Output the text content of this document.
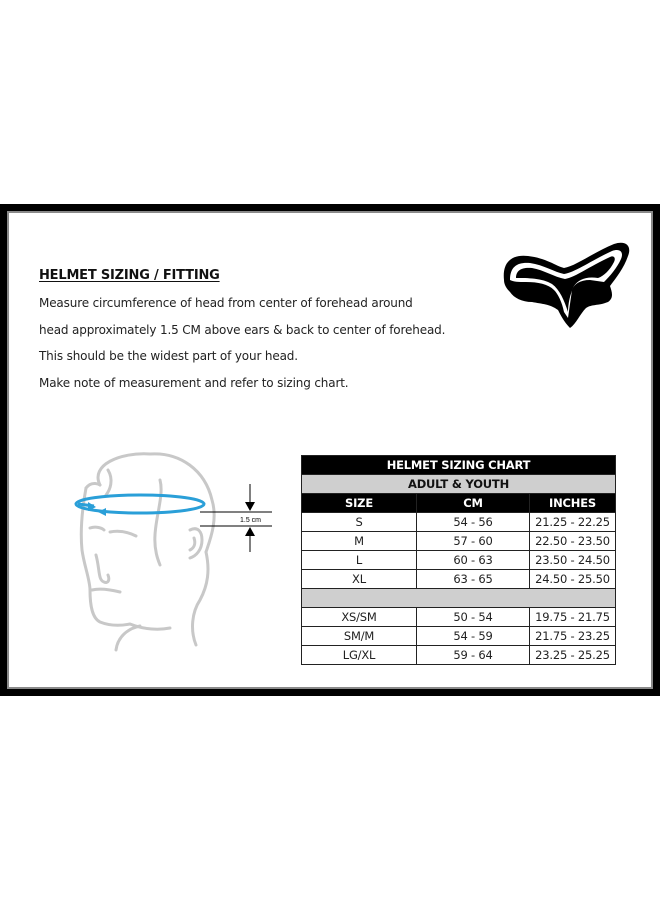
HELMET SIZING / FITTING
Measure circumference of head from center of forehead around
head approximately 1.5 CM above ears & back to center of forehead.
This should be the widest part of your head.
Make note of measurement and refer to sizing chart.
1.5 cm
HELMET SIZING CHART		
ADULT & YOUTH		
SIZE	CM	INCHES
S	54 - 56	21.25 - 22.25
M	57 - 60	22.50 - 23.50
L	60 - 63	23.50 - 24.50
XL	63 - 65	24.50 - 25.50

XS/SM	50 - 54	19.75 - 21.75
SM/M	54 - 59	21.75 - 23.25
LG/XL	59 - 64	23.25 - 25.25
